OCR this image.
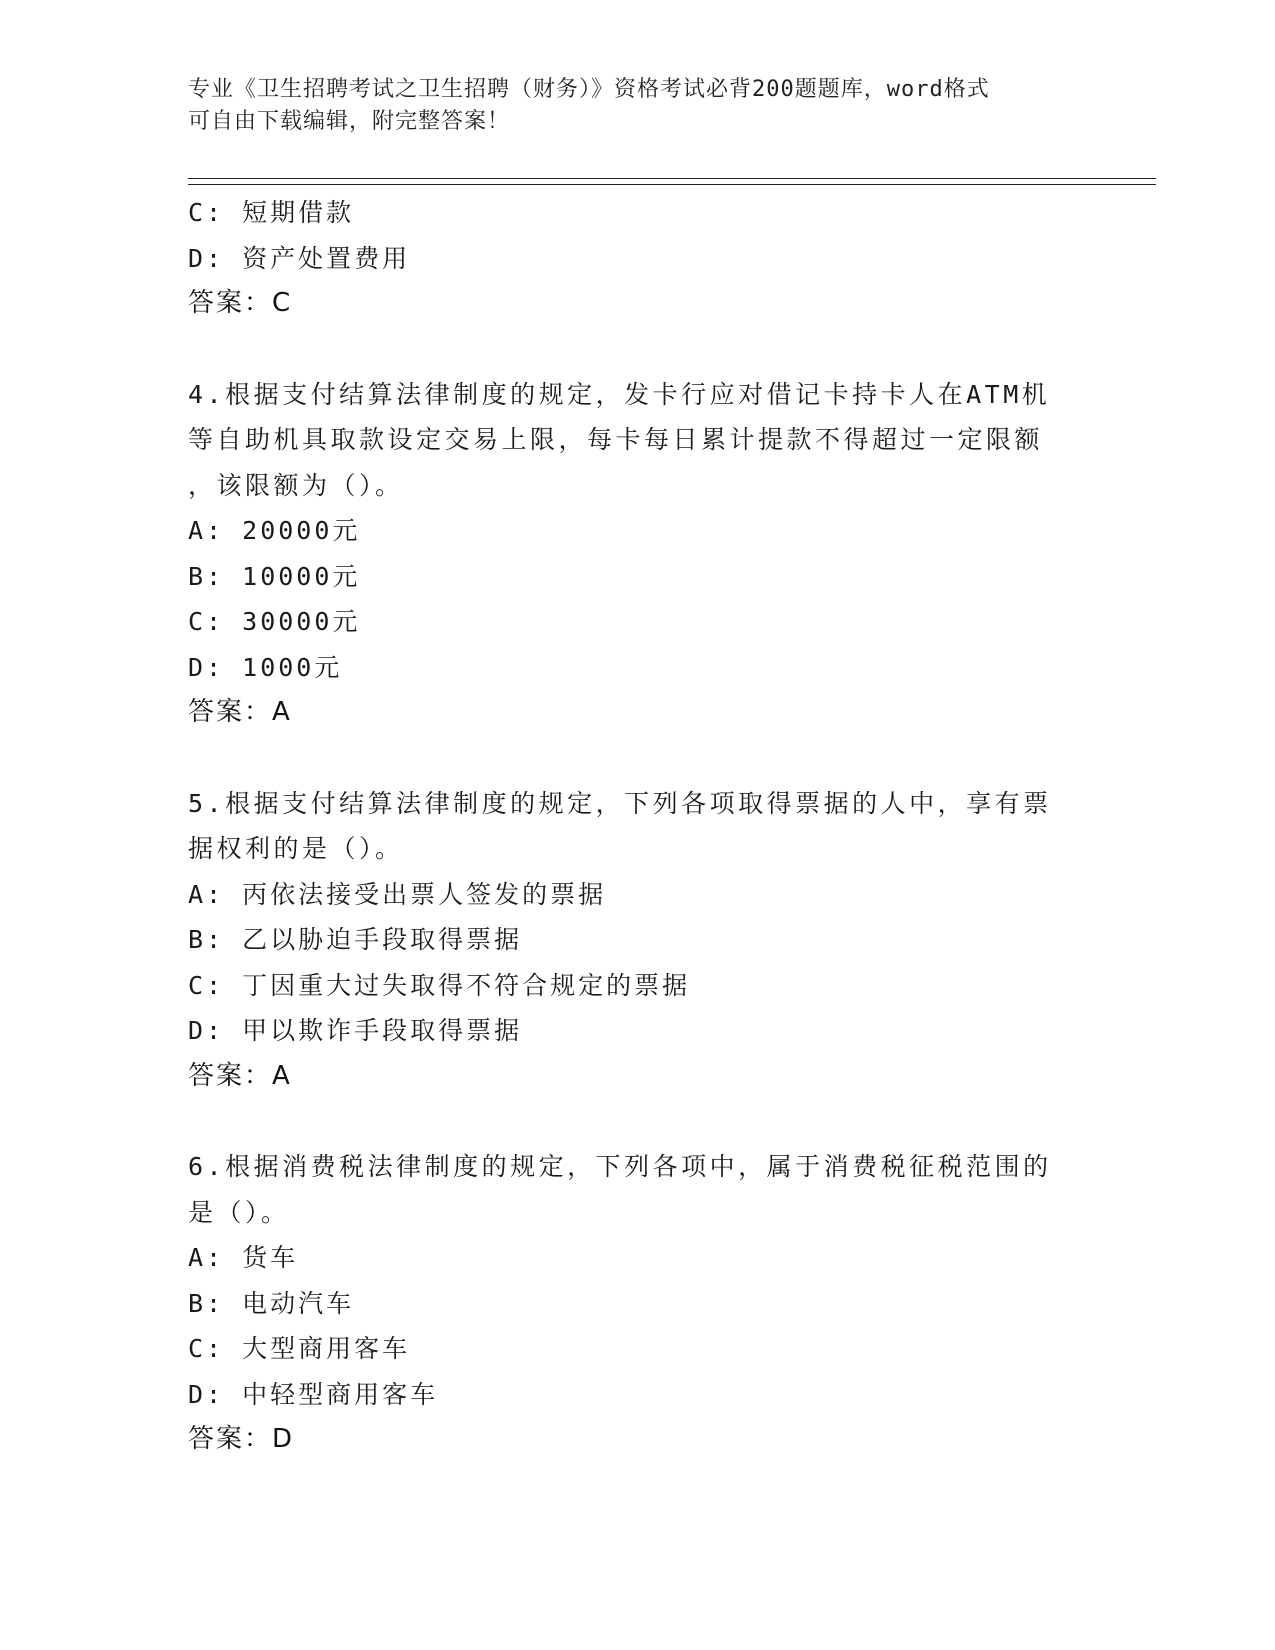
专业《卫生招聘考试之卫生招聘（财务）》资格考试必背200题题库，word格式
可自由下载编辑，附完整答案！
C: 短期借款
D: 资产处置费用
答案：C
4.根据支付结算法律制度的规定，发卡行应对借记卡持卡人在ATM机
等自助机具取款设定交易上限，每卡每日累计提款不得超过一定限额
，该限额为（）。
A: 20000元
B: 10000元
C: 30000元
D: 1000元
答案：A
5.根据支付结算法律制度的规定，下列各项取得票据的人中，享有票
据权利的是（）。
A: 丙依法接受出票人签发的票据
B: 乙以胁迫手段取得票据
C: 丁因重大过失取得不符合规定的票据
D: 甲以欺诈手段取得票据
答案：A
6.根据消费税法律制度的规定，下列各项中，属于消费税征税范围的
是（）。
A: 货车
B: 电动汽车
C: 大型商用客车
D: 中轻型商用客车
答案：D
